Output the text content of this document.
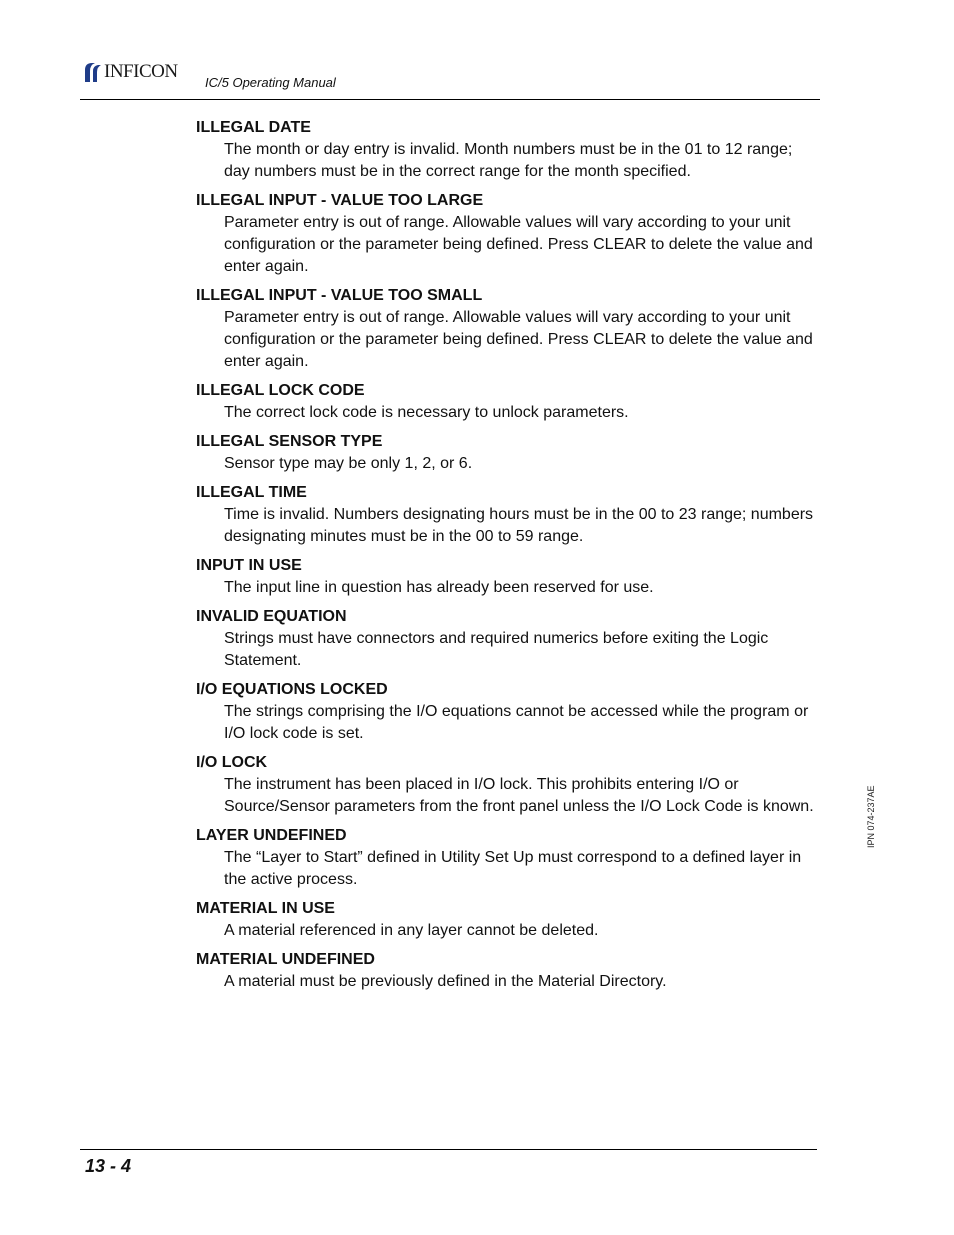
INFICON
IC/5 Operating Manual
ILLEGAL DATE
The month or day entry is invalid. Month numbers must be in the 01 to 12 range; day numbers must be in the correct range for the month specified.
ILLEGAL INPUT - VALUE TOO LARGE
Parameter entry is out of range. Allowable values will vary according to your unit configuration or the parameter being defined. Press CLEAR to delete the value and enter again.
ILLEGAL INPUT - VALUE TOO SMALL
Parameter entry is out of range. Allowable values will vary according to your unit configuration or the parameter being defined. Press CLEAR to delete the value and enter again.
ILLEGAL LOCK CODE
The correct lock code is necessary to unlock parameters.
ILLEGAL SENSOR TYPE
Sensor type may be only 1, 2, or 6.
ILLEGAL TIME
Time is invalid. Numbers designating hours must be in the 00 to 23 range; numbers designating minutes must be in the 00 to 59 range.
INPUT IN USE
The input line in question has already been reserved for use.
INVALID EQUATION
Strings must have connectors and required numerics before exiting the Logic Statement.
I/O EQUATIONS LOCKED
The strings comprising the I/O equations cannot be accessed while the program or I/O lock code is set.
I/O LOCK
The instrument has been placed in I/O lock. This prohibits entering I/O or Source/Sensor parameters from the front panel unless the I/O Lock Code is known.
LAYER UNDEFINED
The “Layer to Start” defined in Utility Set Up must correspond to a defined layer in the active process.
MATERIAL IN USE
A material referenced in any layer cannot be deleted.
MATERIAL UNDEFINED
A material must be previously defined in the Material Directory.
IPN 074-237AE
13 - 4
